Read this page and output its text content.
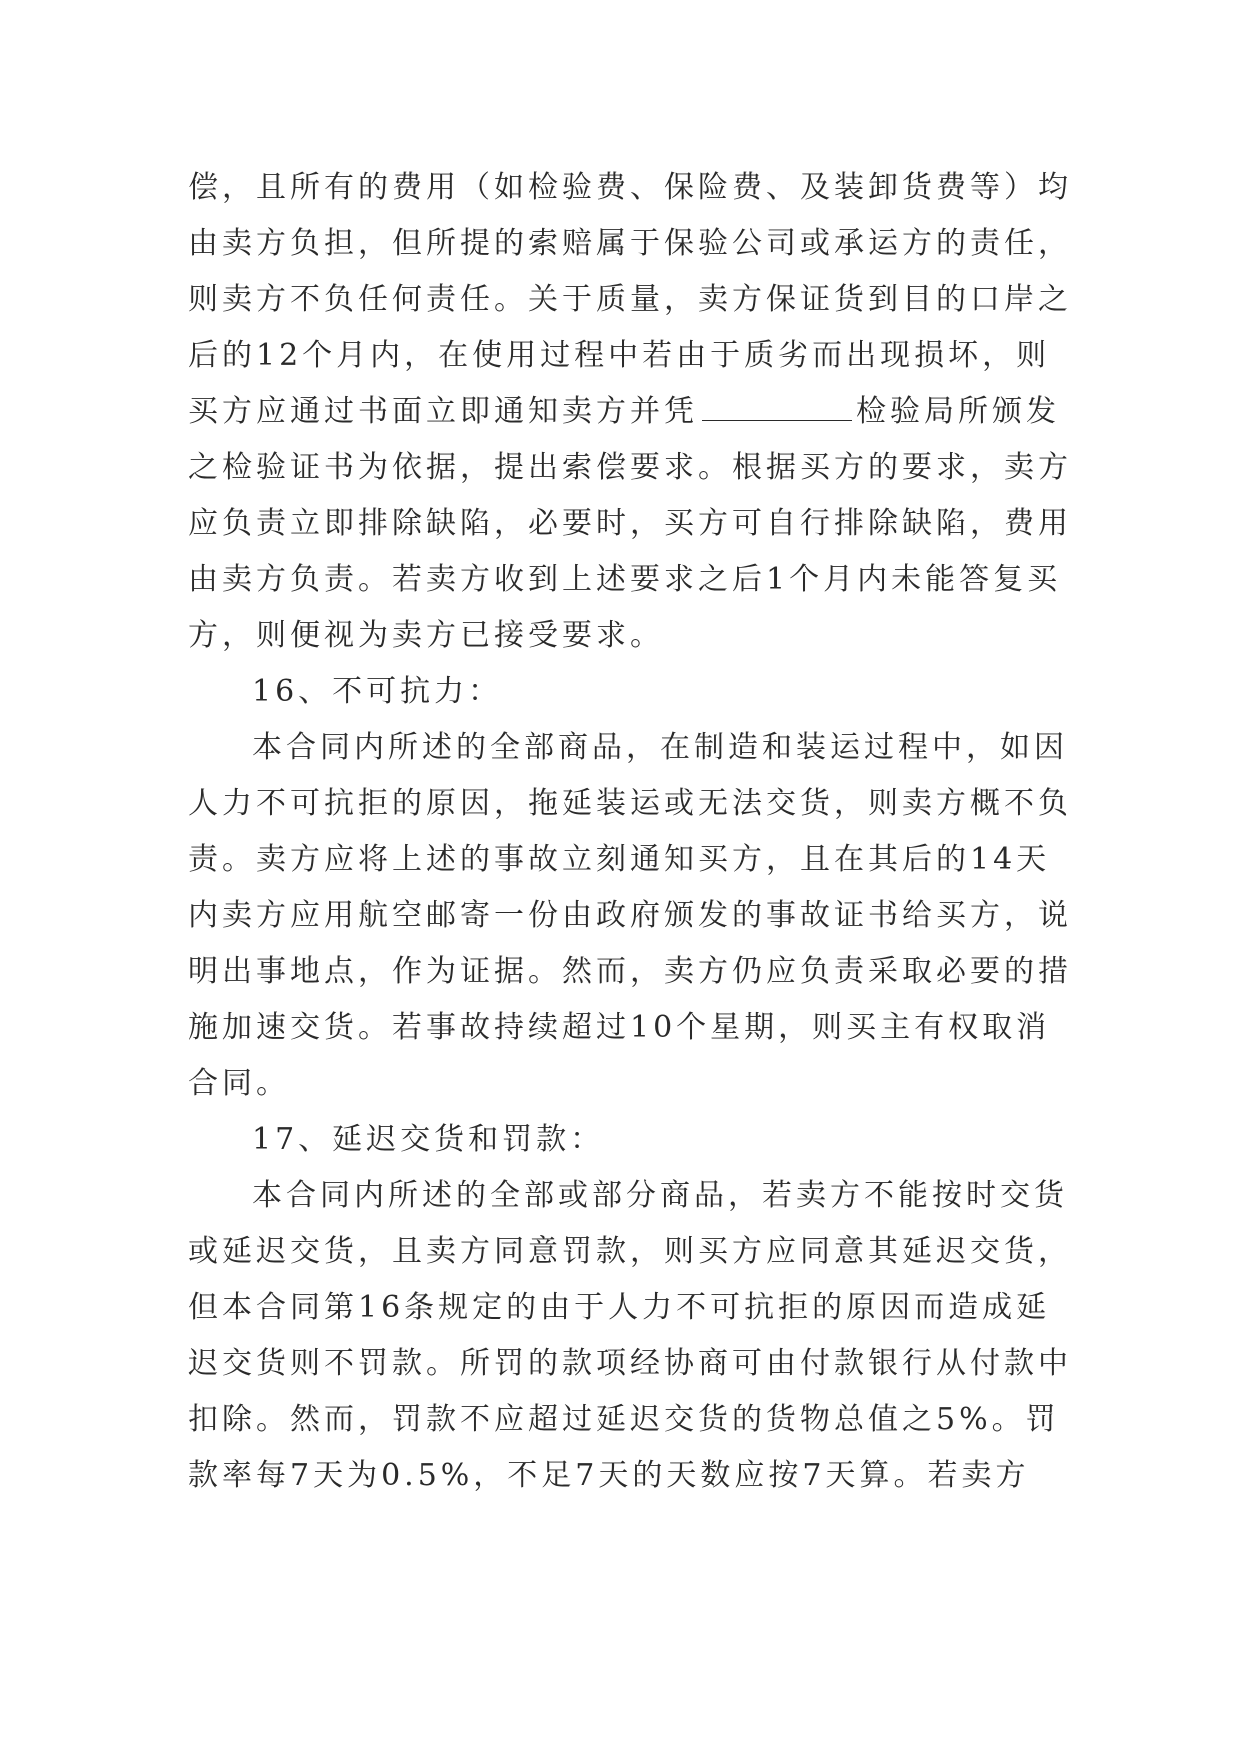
偿，且所有的费用（如检验费、保险费、及装卸货费等）均
由卖方负担，但所提的索赔属于保验公司或承运方的责任，
则卖方不负任何责任。关于质量，卖方保证货到目的口岸之
后的12个月内，在使用过程中若由于质劣而出现损坏，则
买方应通过书面立即通知卖方并凭	检验局所颁发
之检验证书为依据，提出索偿要求。根据买方的要求，卖方
应负责立即排除缺陷，必要时，买方可自行排除缺陷，费用
由卖方负责。若卖方收到上述要求之后1个月内未能答复买
方，则便视为卖方已接受要求。
16、不可抗力：
本合同内所述的全部商品，在制造和装运过程中，如因
人力不可抗拒的原因，拖延装运或无法交货，则卖方概不负
责。卖方应将上述的事故立刻通知买方，且在其后的14天
内卖方应用航空邮寄一份由政府颁发的事故证书给买方，说
明出事地点，作为证据。然而，卖方仍应负责采取必要的措
施加速交货。若事故持续超过10个星期，则买主有权取消
合同。
17、延迟交货和罚款：
本合同内所述的全部或部分商品，若卖方不能按时交货
或延迟交货，且卖方同意罚款，则买方应同意其延迟交货，
但本合同第16条规定的由于人力不可抗拒的原因而造成延
迟交货则不罚款。所罚的款项经协商可由付款银行从付款中
扣除。然而，罚款不应超过延迟交货的货物总值之5%。罚
款率每7天为0.5%，不足7天的天数应按7天算。若卖方
